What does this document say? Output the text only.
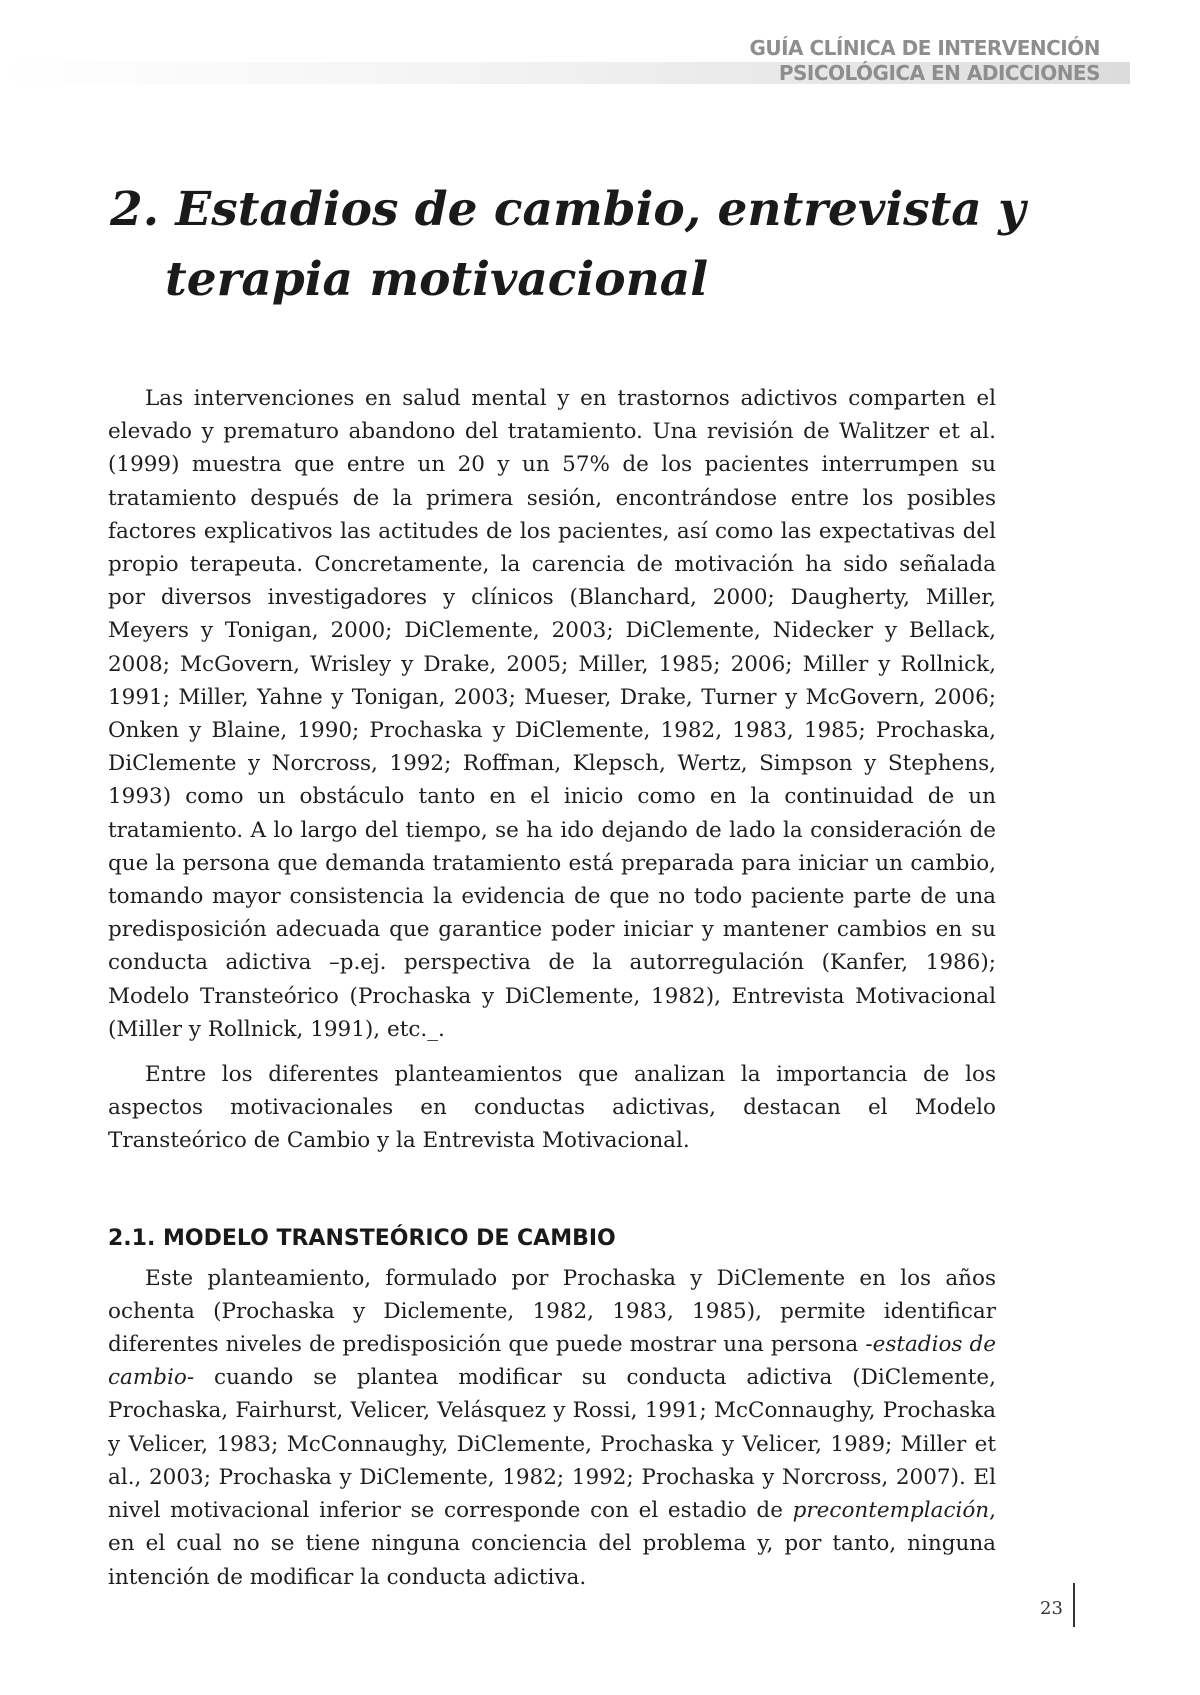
GUÍA CLÍNICA DE INTERVENCIÓN
PSICOLÓGICA EN ADICCIONES
2. Estadios de cambio, entrevista y
terapia motivacional

Las intervenciones en salud mental y en trastornos adictivos comparten el elevado y prematuro abandono del tratamiento. Una revisión de Walitzer et al. (1999) muestra que entre un 20 y un 57% de los pacientes interrumpen su tratamiento después de la primera sesión, encontrándose entre los posibles factores explicativos las actitudes de los pacientes, así como las expectativas del propio terapeuta. Concretamente, la carencia de motivación ha sido señalada por diversos investigadores y clínicos (Blanchard, 2000; Daugherty, Miller, Meyers y Tonigan, 2000; DiClemente, 2003; DiClemente, Nidecker y Bellack, 2008; McGovern, Wrisley y Drake, 2005; Miller, 1985; 2006; Miller y Rollnick, 1991; Miller, Yahne y Tonigan, 2003; Mueser, Drake, Turner y McGovern, 2006; Onken y Blaine, 1990; Prochaska y DiClemente, 1982, 1983, 1985; Prochaska, DiClemente y Norcross, 1992; Roffman, Klepsch, Wertz, Simpson y Stephens, 1993) como un obstáculo tanto en el inicio como en la continuidad de un tratamiento. A lo largo del tiempo, se ha ido dejando de lado la consideración de que la persona que demanda tratamiento está preparada para iniciar un cambio, tomando mayor consistencia la evidencia de que no todo paciente parte de una predisposición adecuada que garantice poder iniciar y mantener cambios en su conducta adictiva –p.ej. perspectiva de la autorregulación (Kanfer, 1986); Modelo Transteórico (Prochaska y DiClemente, 1982), Entrevista Motivacional (Miller y Rollnick, 1991), etc._.

Entre los diferentes planteamientos que analizan la importancia de los aspectos motivacionales en conductas adictivas, destacan el Modelo Transteórico de Cambio y la Entrevista Motivacional.

2.1. MODELO TRANSTEÓRICO DE CAMBIO

Este planteamiento, formulado por Prochaska y DiClemente en los años ochenta (Prochaska y Diclemente, 1982, 1983, 1985), permite identificar diferentes niveles de predisposición que puede mostrar una persona -estadios de cambio- cuando se plantea modificar su conducta adictiva (DiClemente, Prochaska, Fairhurst, Velicer, Velásquez y Rossi, 1991; McConnaughy, Prochaska y Velicer, 1983; McConnaughy, DiClemente, Prochaska y Velicer, 1989; Miller et al., 2003; Prochaska y DiClemente, 1982; 1992; Prochaska y Norcross, 2007). El nivel motivacional inferior se corresponde con el estadio de precontemplación, en el cual no se tiene ninguna conciencia del problema y, por tanto, ninguna intención de modificar la conducta adictiva.

23
